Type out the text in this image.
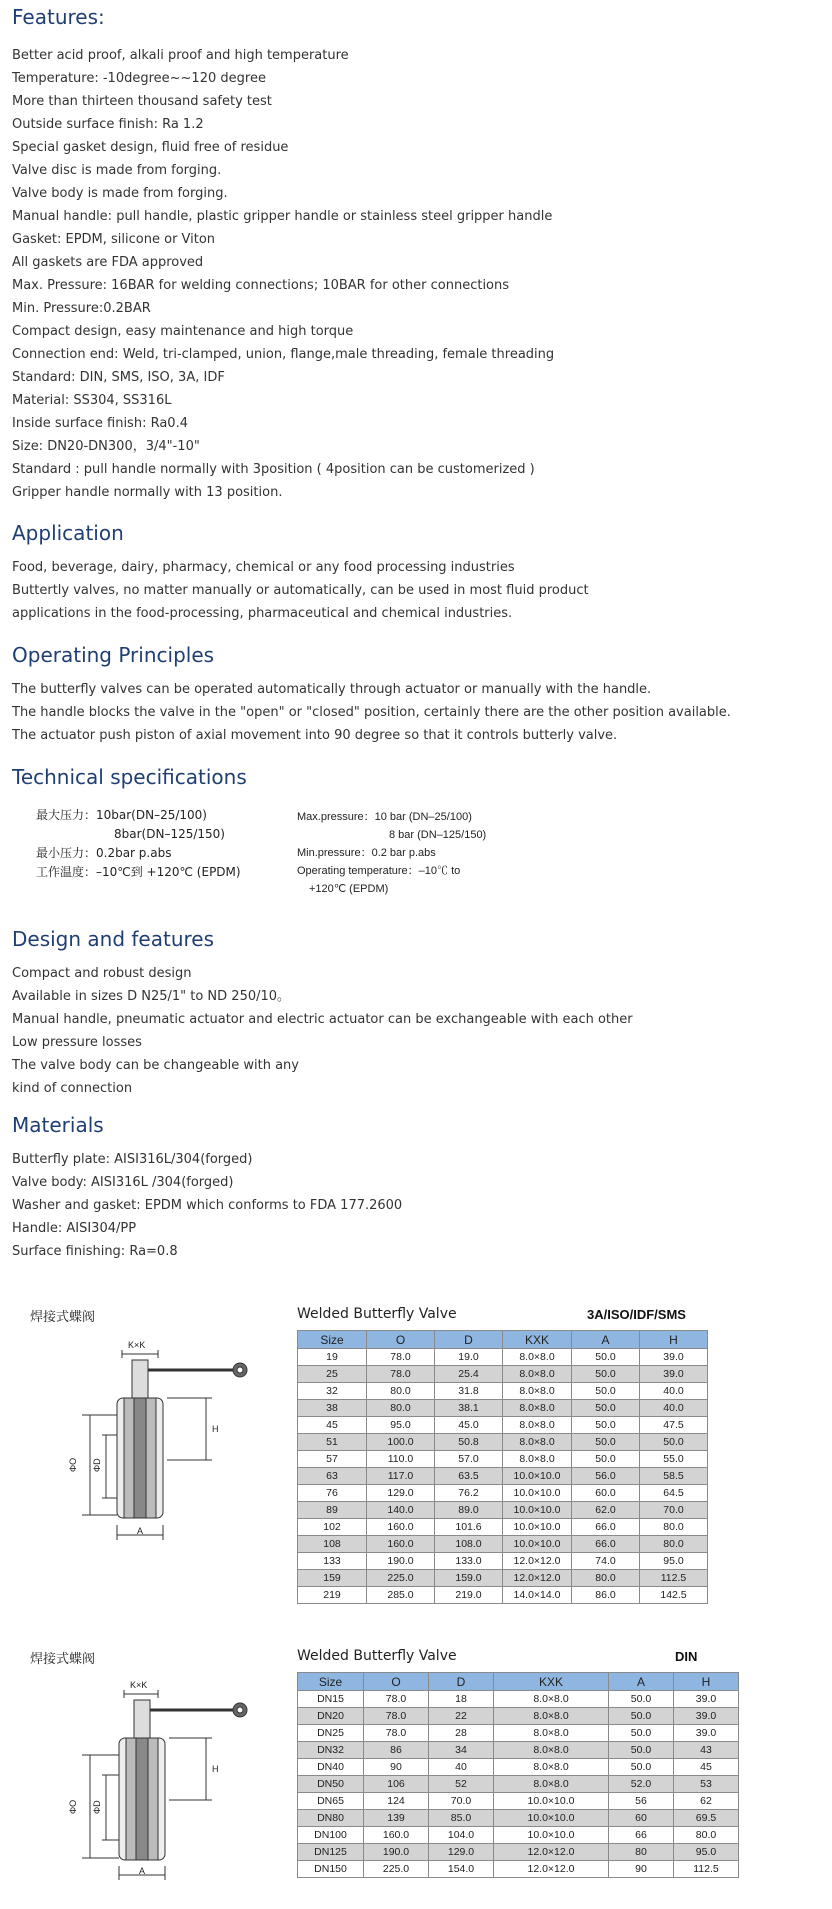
Features:
Better acid proof, alkali proof and high temperature
Temperature: -10degree~~120 degree
More than thirteen thousand safety test
Outside surface finish: Ra 1.2
Special gasket design, fluid free of residue
Valve disc is made from forging.
Valve body is made from forging.
Manual handle: pull handle, plastic gripper handle or stainless steel gripper handle
Gasket: EPDM, silicone or Viton
All gaskets are FDA approved
Max. Pressure: 16BAR for welding connections; 10BAR for other connections
Min. Pressure:0.2BAR
Compact design, easy maintenance and high torque
Connection end: Weld, tri-clamped, union, flange,male threading, female threading
Standard: DIN, SMS, ISO, 3A, IDF
Material: SS304, SS316L
Inside surface finish: Ra0.4
Size: DN20-DN300，3/4"-10"
Standard : pull handle normally with 3position ( 4position can be customerized )
Gripper handle normally with 13 position.
Application
Food, beverage, dairy, pharmacy, chemical or any food processing industries
Buttertly valves, no matter manually or automatically, can be used in most fluid product
applications in the food-processing, pharmaceutical and chemical industries.
Operating Principles
The butterfly valves can be operated automatically through actuator or manually with the handle.
The handle blocks the valve in the "open" or "closed" position, certainly there are the other position available.
The actuator push piston of axial movement into 90 degree so that it controls butterly valve.
Technical specifications
最大压力：10bar(DN–25/100)
8bar(DN–125/150)
最小压力：0.2bar p.abs
工作温度：–10℃到 +120℃ (EPDM)
Max.pressure：10 bar (DN–25/100)
8 bar (DN–125/150)
Min.pressure：0.2 bar p.abs
Operating temperature：–10℃ to
+120℃ (EPDM)
Design and features
Compact and robust design
Available in sizes D N25/1" to ND 250/10。
Manual handle, pneumatic actuator and electric actuator can be exchangeable with each other
Low pressure losses
The valve body can be changeable with any
kind of connection
Materials
Butterfly plate: AISI316L/304(forged)
Valve body: AISI316L /304(forged)
Washer and gasket: EPDM which conforms to FDA 177.2600
Handle: AISI304/PP
Surface finishing: Ra=0.8
焊接式蝶阀	Welded Butterfly Valve	3A/ISO/IDF/SMS
K×K
H
ΦO ΦD
A
Size	O	D	KXK	A	H
19	78.0	19.0	8.0×8.0	50.0	39.0
25	78.0	25.4	8.0×8.0	50.0	39.0
32	80.0	31.8	8.0×8.0	50.0	40.0
38	80.0	38.1	8.0×8.0	50.0	40.0
45	95.0	45.0	8.0×8.0	50.0	47.5
51	100.0	50.8	8.0×8.0	50.0	50.0
57	110.0	57.0	8.0×8.0	50.0	55.0
63	117.0	63.5	10.0×10.0	56.0	58.5
76	129.0	76.2	10.0×10.0	60.0	64.5
89	140.0	89.0	10.0×10.0	62.0	70.0
102	160.0	101.6	10.0×10.0	66.0	80.0
108	160.0	108.0	10.0×10.0	66.0	80.0
133	190.0	133.0	12.0×12.0	74.0	95.0
159	225.0	159.0	12.0×12.0	80.0	112.5
219	285.0	219.0	14.0×14.0	86.0	142.5
焊接式蝶阀	Welded Butterfly Valve	DIN
K×K
H
ΦO ΦD
A
Size	O	D	KXK	A	H
DN15	78.0	18	8.0×8.0	50.0	39.0
DN20	78.0	22	8.0×8.0	50.0	39.0
DN25	78.0	28	8.0×8.0	50.0	39.0
DN32	86	34	8.0×8.0	50.0	43
DN40	90	40	8.0×8.0	50.0	45
DN50	106	52	8.0×8.0	52.0	53
DN65	124	70.0	10.0×10.0	56	62
DN80	139	85.0	10.0×10.0	60	69.5
DN100	160.0	104.0	10.0×10.0	66	80.0
DN125	190.0	129.0	12.0×12.0	80	95.0
DN150	225.0	154.0	12.0×12.0	90	112.5
